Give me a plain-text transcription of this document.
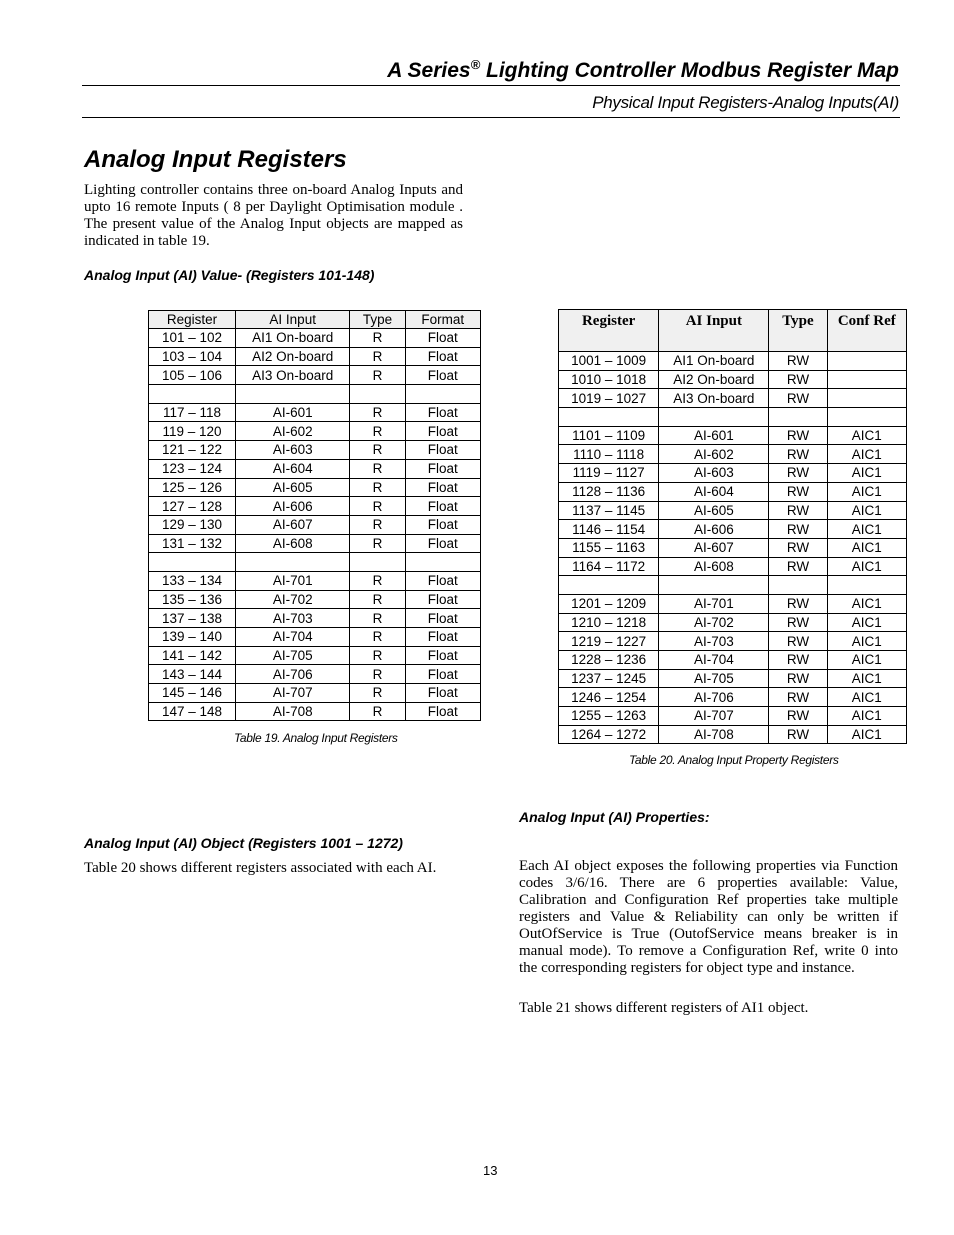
A Series® Lighting Controller Modbus Register Map
Physical Input Registers-Analog Inputs(AI)
Analog Input Registers
Lighting controller contains three on-board Analog Inputs and upto 16 remote Inputs ( 8 per Daylight Optimisation module . The present value of the Analog Input objects are mapped as indicated in table 19.
Analog Input (AI) Value- (Registers 101-148)
Register	AI Input	Type	Format
101 – 102	AI1 On-board	R	Float
103 – 104	AI2 On-board	R	Float
105 – 106	AI3 On-board	R	Float

117 – 118	AI-601	R	Float
119 – 120	AI-602	R	Float
121 – 122	AI-603	R	Float
123 – 124	AI-604	R	Float
125 – 126	AI-605	R	Float
127 – 128	AI-606	R	Float
129 – 130	AI-607	R	Float
131 – 132	AI-608	R	Float

133 – 134	AI-701	R	Float
135 – 136	AI-702	R	Float
137 – 138	AI-703	R	Float
139 – 140	AI-704	R	Float
141 – 142	AI-705	R	Float
143 – 144	AI-706	R	Float
145 – 146	AI-707	R	Float
147 – 148	AI-708	R	Float
Table 19. Analog Input Registers
Register	AI Input	Type	Conf Ref
1001 – 1009	AI1 On-board	RW	
1010 – 1018	AI2 On-board	RW	
1019 – 1027	AI3 On-board	RW	

1101 – 1109	AI-601	RW	AIC1
1110 – 1118	AI-602	RW	AIC1
1119 – 1127	AI-603	RW	AIC1
1128 – 1136	AI-604	RW	AIC1
1137 – 1145	AI-605	RW	AIC1
1146 – 1154	AI-606	RW	AIC1
1155 – 1163	AI-607	RW	AIC1
1164 – 1172	AI-608	RW	AIC1

1201 – 1209	AI-701	RW	AIC1
1210 – 1218	AI-702	RW	AIC1
1219 – 1227	AI-703	RW	AIC1
1228 – 1236	AI-704	RW	AIC1
1237 – 1245	AI-705	RW	AIC1
1246 – 1254	AI-706	RW	AIC1
1255 – 1263	AI-707	RW	AIC1
1264 – 1272	AI-708	RW	AIC1
Table 20. Analog Input Property Registers
Analog Input (AI) Properties:
Analog Input (AI) Object (Registers 1001 – 1272)
Table 20 shows different registers associated with each AI.	Each AI object exposes the following properties via Function codes 3/6/16. There are 6 properties available: Value, Calibration and Configuration Ref properties take multiple registers and Value & Reliability can only be written if OutOfService is True (OutofService means breaker is in manual mode). To remove a Configuration Ref, write 0 into the corresponding registers for object type and instance.
Table 21 shows different registers of AI1 object.
13
